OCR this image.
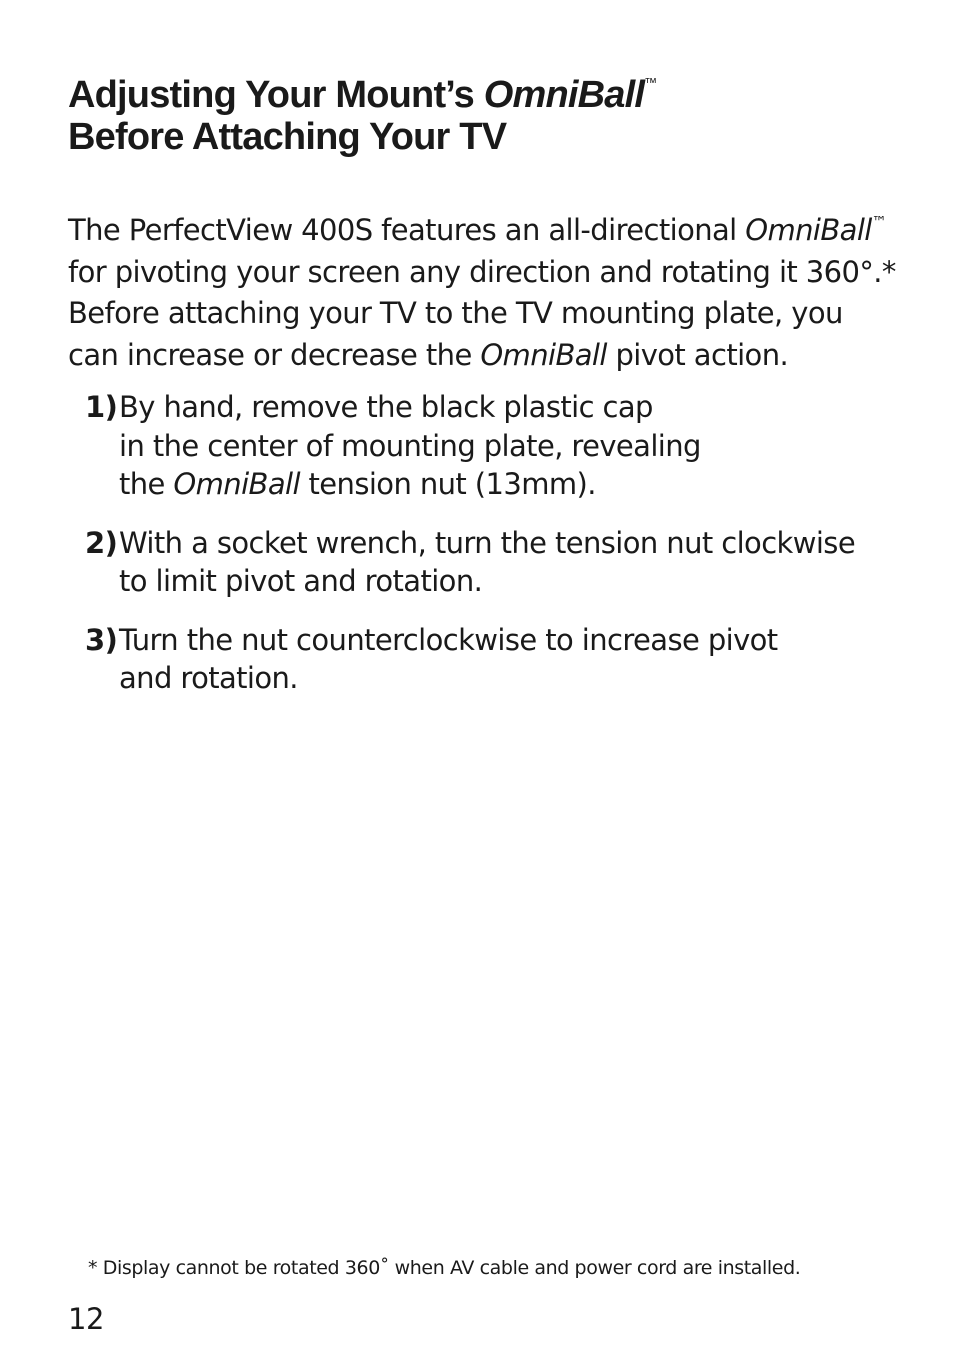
Adjusting Your Mount’s OmniBall™
Before Attaching Your TV

The PerfectView 400S features an all-directional OmniBall™
for pivoting your screen any direction and rotating it 360°.*
Before attaching your TV to the TV mounting plate, you
can increase or decrease the OmniBall pivot action.

1) By hand, remove the black plastic cap
in the center of mounting plate, revealing
the OmniBall tension nut (13mm).
2) With a socket wrench, turn the tension nut clockwise
to limit pivot and rotation.
3) Turn the nut counterclockwise to increase pivot
and rotation.

* Display cannot be rotated 360˚ when AV cable and power cord are installed.

12
